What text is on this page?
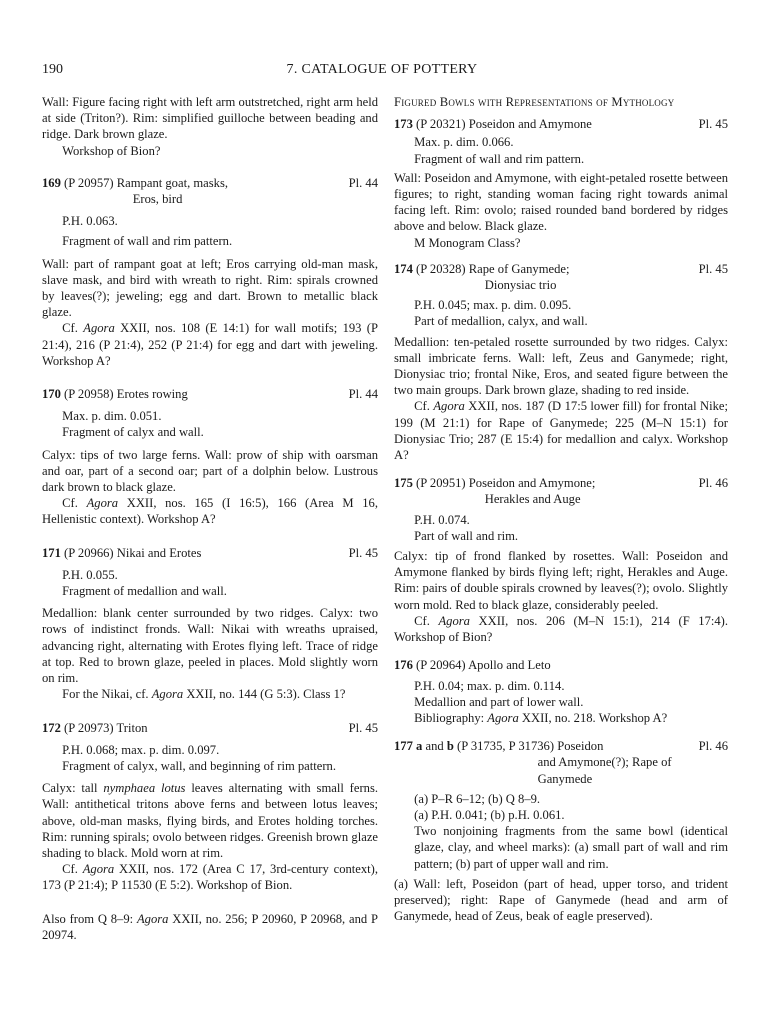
190	7. CATALOGUE OF POTTERY

Wall: Figure facing right with left arm outstretched, right arm held at side (Triton?). Rim: simplified guilloche between beading and ridge. Dark brown glaze.

Workshop of Bion?

169 (P 20957) Rampant goat, masks,
Eros, bird
Pl. 44

P.H. 0.063.

Fragment of wall and rim pattern.

Wall: part of rampant goat at left; Eros carrying old-man mask, slave mask, and bird with wreath to right. Rim: spirals crowned by leaves(?); jeweling; egg and dart. Brown to metallic black glaze.

Cf. Agora XXII, nos. 108 (E 14:1) for wall motifs; 193 (P 21:4), 216 (P 21:4), 252 (P 21:4) for egg and dart with jeweling. Workshop A?

170 (P 20958) Erotes rowing	Pl. 44

Max. p. dim. 0.051.

Fragment of calyx and wall.

Calyx: tips of two large ferns. Wall: prow of ship with oarsman and oar, part of a second oar; part of a dolphin below. Lustrous dark brown to black glaze.

Cf. Agora XXII, nos. 165 (I 16:5), 166 (Area M 16, Hellenistic context). Workshop A?

171 (P 20966) Nikai and Erotes	Pl. 45

P.H. 0.055.

Fragment of medallion and wall.

Medallion: blank center surrounded by two ridges. Calyx: two rows of indistinct fronds. Wall: Nikai with wreaths upraised, advancing right, alternating with Erotes flying left. Trace of ridge at top. Red to brown glaze, peeled in places. Mold slightly worn on rim.

For the Nikai, cf. Agora XXII, no. 144 (G 5:3). Class 1?

172 (P 20973) Triton	Pl. 45

P.H. 0.068; max. p. dim. 0.097.

Fragment of calyx, wall, and beginning of rim pattern.

Calyx: tall nymphaea lotus leaves alternating with small ferns. Wall: antithetical tritons above ferns and between lotus leaves; above, old-man masks, flying birds, and Erotes holding torches. Rim: running spirals; ovolo between ridges. Greenish brown glaze shading to black. Mold worn at rim.

Cf. Agora XXII, nos. 172 (Area C 17, 3rd-century context), 173 (P 21:4); P 11530 (E 5:2). Workshop of Bion.

Also from Q 8–9: Agora XXII, no. 256; P 20960, P 20968, and P 20974.

Figured Bowls with Representations of Mythology
173 (P 20321) Poseidon and Amymone	Pl. 45

Max. p. dim. 0.066.

Fragment of wall and rim pattern.

Wall: Poseidon and Amymone, with eight-petaled rosette between figures; to right, standing woman facing right towards animal facing left. Rim: ovolo; raised rounded band bordered by ridges above and below. Black glaze.

M Monogram Class?

174 (P 20328) Rape of Ganymede;
Dionysiac trio
Pl. 45

P.H. 0.045; max. p. dim. 0.095.

Part of medallion, calyx, and wall.

Medallion: ten-petaled rosette surrounded by two ridges. Calyx: small imbricate ferns. Wall: left, Zeus and Ganymede; right, Dionysiac trio; frontal Nike, Eros, and seated figure between the two main groups. Dark brown glaze, shading to red inside.

Cf. Agora XXII, nos. 187 (D 17:5 lower fill) for frontal Nike; 199 (M 21:1) for Rape of Ganymede; 225 (M–N 15:1) for Dionysiac Trio; 287 (E 15:4) for medallion and calyx. Workshop A?

175 (P 20951) Poseidon and Amymone;
Herakles and Auge
Pl. 46

P.H. 0.074.

Part of wall and rim.

Calyx: tip of frond flanked by rosettes. Wall: Poseidon and Amymone flanked by birds flying left; right, Herakles and Auge. Rim: pairs of double spirals crowned by leaves(?); ovolo. Slightly worn mold. Red to black glaze, considerably peeled.

Cf. Agora XXII, nos. 206 (M–N 15:1), 214 (F 17:4). Workshop of Bion?

176 (P 20964) Apollo and Leto

P.H. 0.04; max. p. dim. 0.114.

Medallion and part of lower wall.

Bibliography: Agora XXII, no. 218. Workshop A?

177 a and b (P 31735, P 31736) Poseidon
and Amymone(?); Rape of Ganymede
Pl. 46

(a) P–R 6–12; (b) Q 8–9.

(a) P.H. 0.041; (b) p.H. 0.061.

Two nonjoining fragments from the same bowl (identical glaze, clay, and wheel marks): (a) small part of wall and rim pattern; (b) part of upper wall and rim.

(a) Wall: left, Poseidon (part of head, upper torso, and trident preserved); right: Rape of Ganymede (head and arm of Ganymede, head of Zeus, beak of eagle preserved).
